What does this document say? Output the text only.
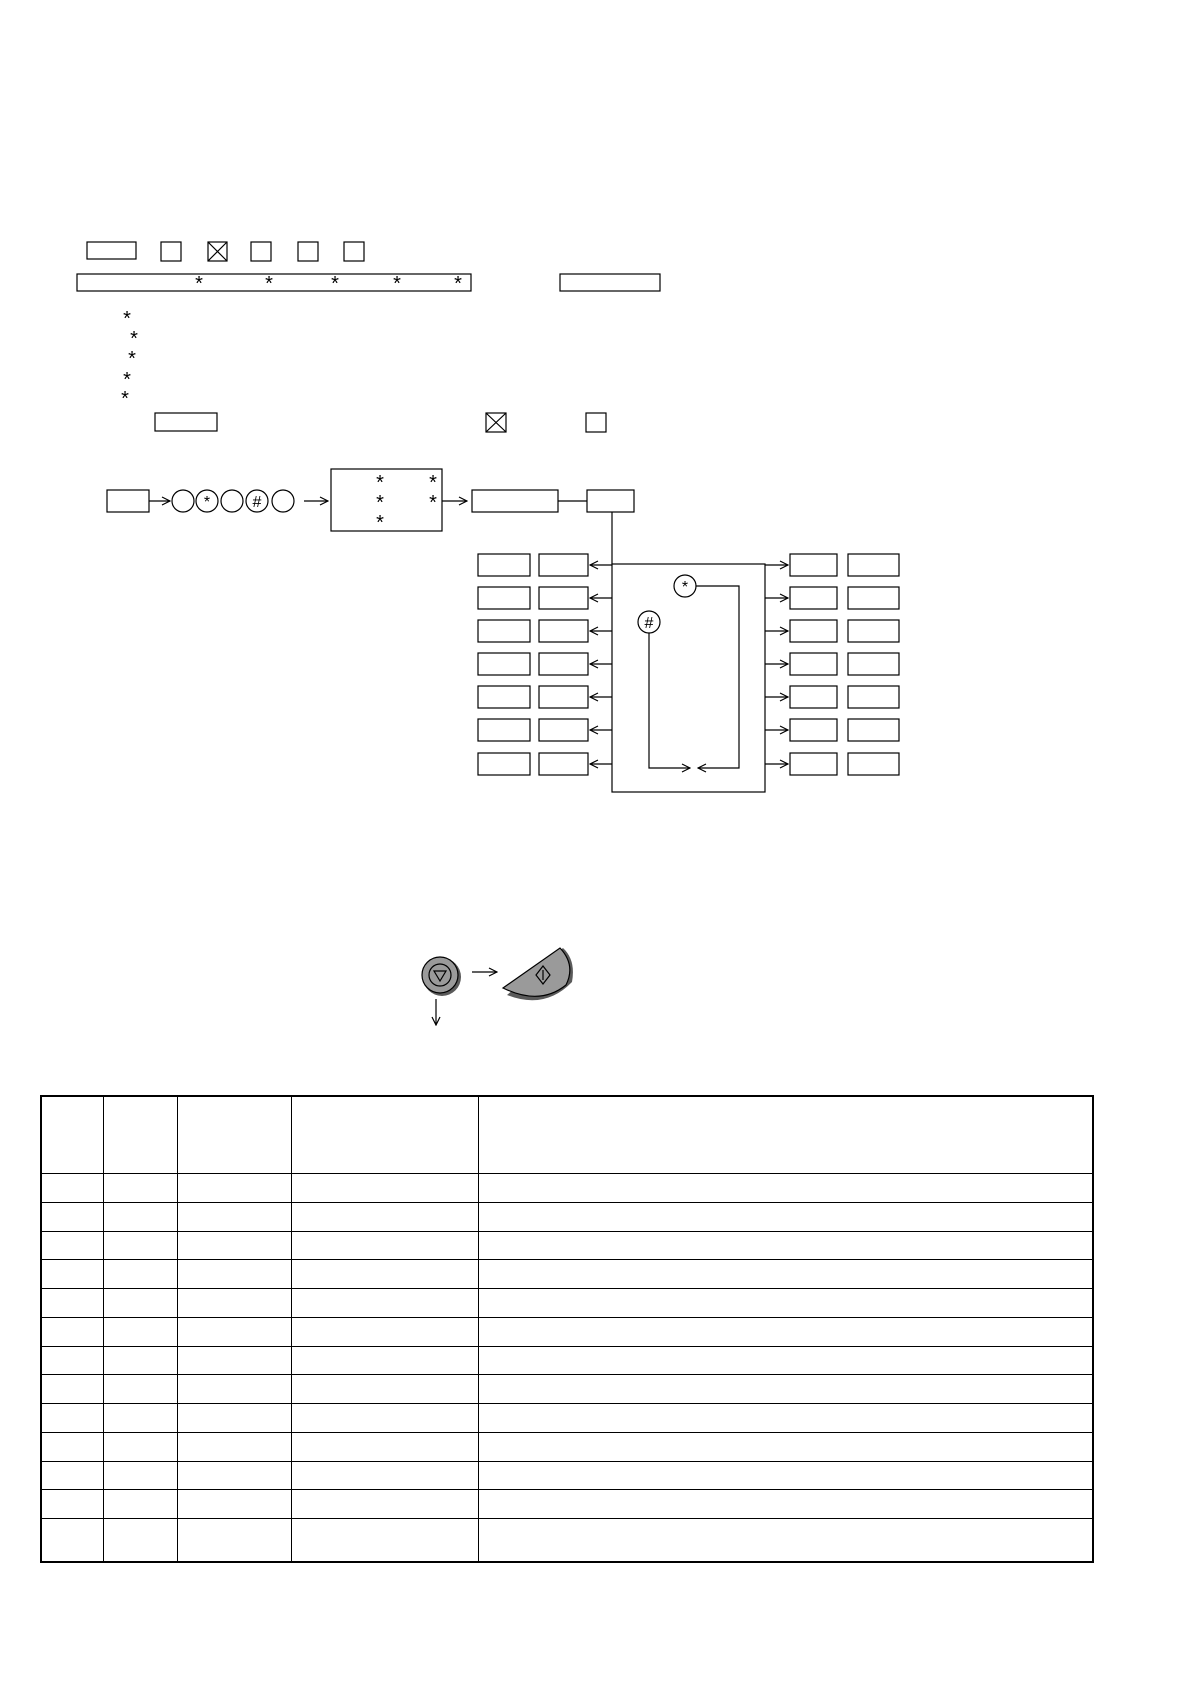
*	*	*	*	*
*
*
*
*
*
*	#
* *
* *
*
*
#
